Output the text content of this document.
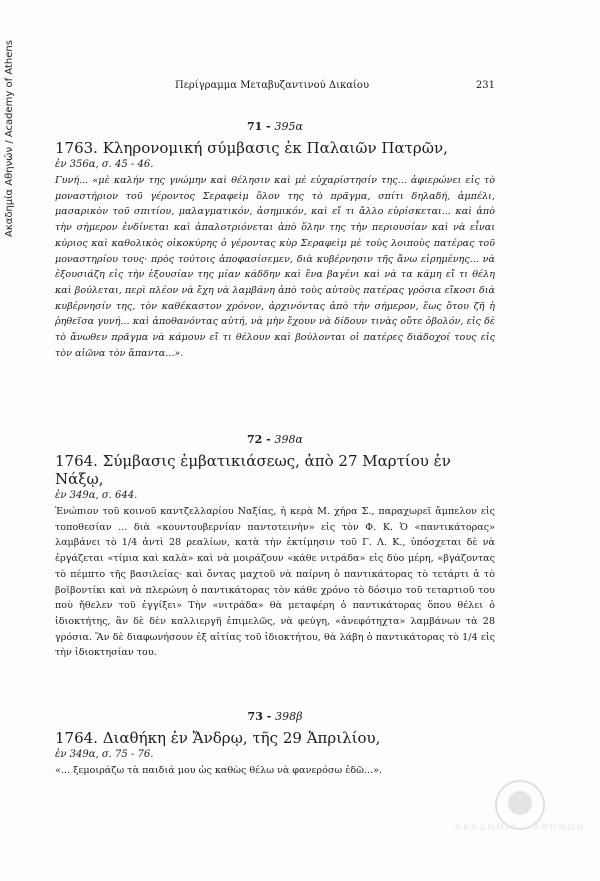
Ακαδημία Αθηνών / Academy of Athens	Περίγραμμα Μεταβυζαντινού Δικαίου	231
71 - 395α
1763. Κληρονομική σύμβασις ἐκ Παλαιῶν Πατρῶν,
ἐν 356α, σ. 45 - 46.
Γυνή... «μὲ καλήν της γνώμην καὶ θέλησιν καὶ μὲ εὐχαρίστησίν της... ἀφιερώνει εἰς τὸ μοναστήριον τοῦ γέροντος Σεραφεὶμ ὅλον της τὸ πρᾶγμα, σπίτι δηλαδή, ἀμπέλι, μασαρικὸν τοῦ σπιτίου, μαλαγματικόν, ἀσημικόν, καὶ εἴ τι ἄλλο εὑρίσκεται... καὶ ἀπὸ τὴν σήμερον ἐνδίνεται καὶ ἀπαλοτριόνεται ἀπὸ ὅλην της τὴν περιουσίαν καὶ νὰ εἶναι κύριος καὶ καθολικὸς οἰκοκύρης ὁ γέροντας κὺρ Σεραφεὶμ μὲ τοὺς λοιποὺς πατέρας τοῦ μοναστηρίου τους· πρὸς τούτοις ἀποφασίσεμεν, διὰ κυβέρνησιν τῆς ἄνω εἰρημένης... νὰ ἐξουσιάζη εἰς τὴν ἐξουσίαν της μίαν κάδδην καὶ ἕνα βαγένι καὶ νὰ τα κάμη εἴ τι θέλη καὶ βούλεται, περὶ πλέον νὰ ἔχη νὰ λαμβάνη ἀπὸ τοὺς αὐτοὺς πατέρας γρόσια εἴκοσι διὰ κυβέρνησίν της, τὸν καθέκαστον χρόνον, ἀρχινόντας ἀπὸ τὴν σήμερον, ἕως ὅτου ζῆ ἡ ῥηθεῖσα γυνή... καὶ ἀποθανόντας αὐτή, νὰ μὴν ἔχουν νὰ δίδουν τινὰς οὔτε ὀβολόν, εἰς δὲ τὸ ἄνωθεν πρᾶγμα νὰ κάμουν εἴ τι θέλουν καὶ βούλονται οἱ πατέρες διάδοχοί τους εἰς τὸν αἰῶνα τὸν ἅπαντα...».
72 - 398α
1764. Σύμβασις ἐμβατικιάσεως, ἀπὸ 27 Μαρτίου ἐν Νάξῳ,
ἐν 349α, σ. 644.
Ἐνώπιον τοῦ κοινοῦ καντζελλαρίου Ναξίας, ἡ κερὰ Μ. χήρα Σ., παραχωρεῖ ἄμπελον εἰς τοποθεσίαν ... διὰ «κουντουβερνίαν παντοτεινὴν» εἰς τὸν Φ. Κ. Ὁ «παντικάτορας» λαμβάνει τὸ 1/4 ἀντὶ 28 ρεαλίων, κατὰ τὴν ἐκτίμησιν τοῦ Γ. Λ. Κ., ὑπόσχεται δὲ νὰ ἐργάζεται «τίμια καὶ καλὰ» καὶ νὰ μοιράζουν «κάθε νιτράδα» εἰς δύο μέρη, «βγάζοντας τὸ πέμπτο τῆς βασιλείας· καὶ ὄντας μαχτοῦ νὰ παίρνη ὁ παντικάτορας τὸ τετάρτι ἀ τὸ βοϊβοντίκι καὶ νὰ πλερώνη ὁ παντικάτορας τὸν κάθε χρόνο τὸ δόσιμο τοῦ τεταρτιοῦ του ποὺ ἤθελεν τοῦ ἐγγίξει» Τὴν «νιτράδα» θὰ μεταφέρη ὁ παντικάτορας ὅπου θέλει ὁ ἰδιοκτήτης, ἂν δὲ δὲν καλλιεργῆ ἐπιμελῶς, νὰ φεύγη, «ἀνεφότηχτα» λαμβάνων τὰ 28 γρόσια. Ἂν δὲ διαφωνήσουν ἐξ αἰτίας τοῦ ἰδιοκτήτου, θὰ λάβη ὁ παντικάτορας τὸ 1/4 εἰς τὴν ἰδιοκτησίαν του.
73 - 398β
1764. Διαθήκη ἐν Ἄνδρῳ, τῆς 29 Ἀπριλίου,
ἐν 349α, σ. 75 - 76.
«... ξεμοιράζω τὰ παιδιά μου ὡς καθὼς θέλω νὰ φανερόσω ἐδῶ...».
ΑΚΑΔΗΜΙΑ ΑΘΗΝΩΝ
